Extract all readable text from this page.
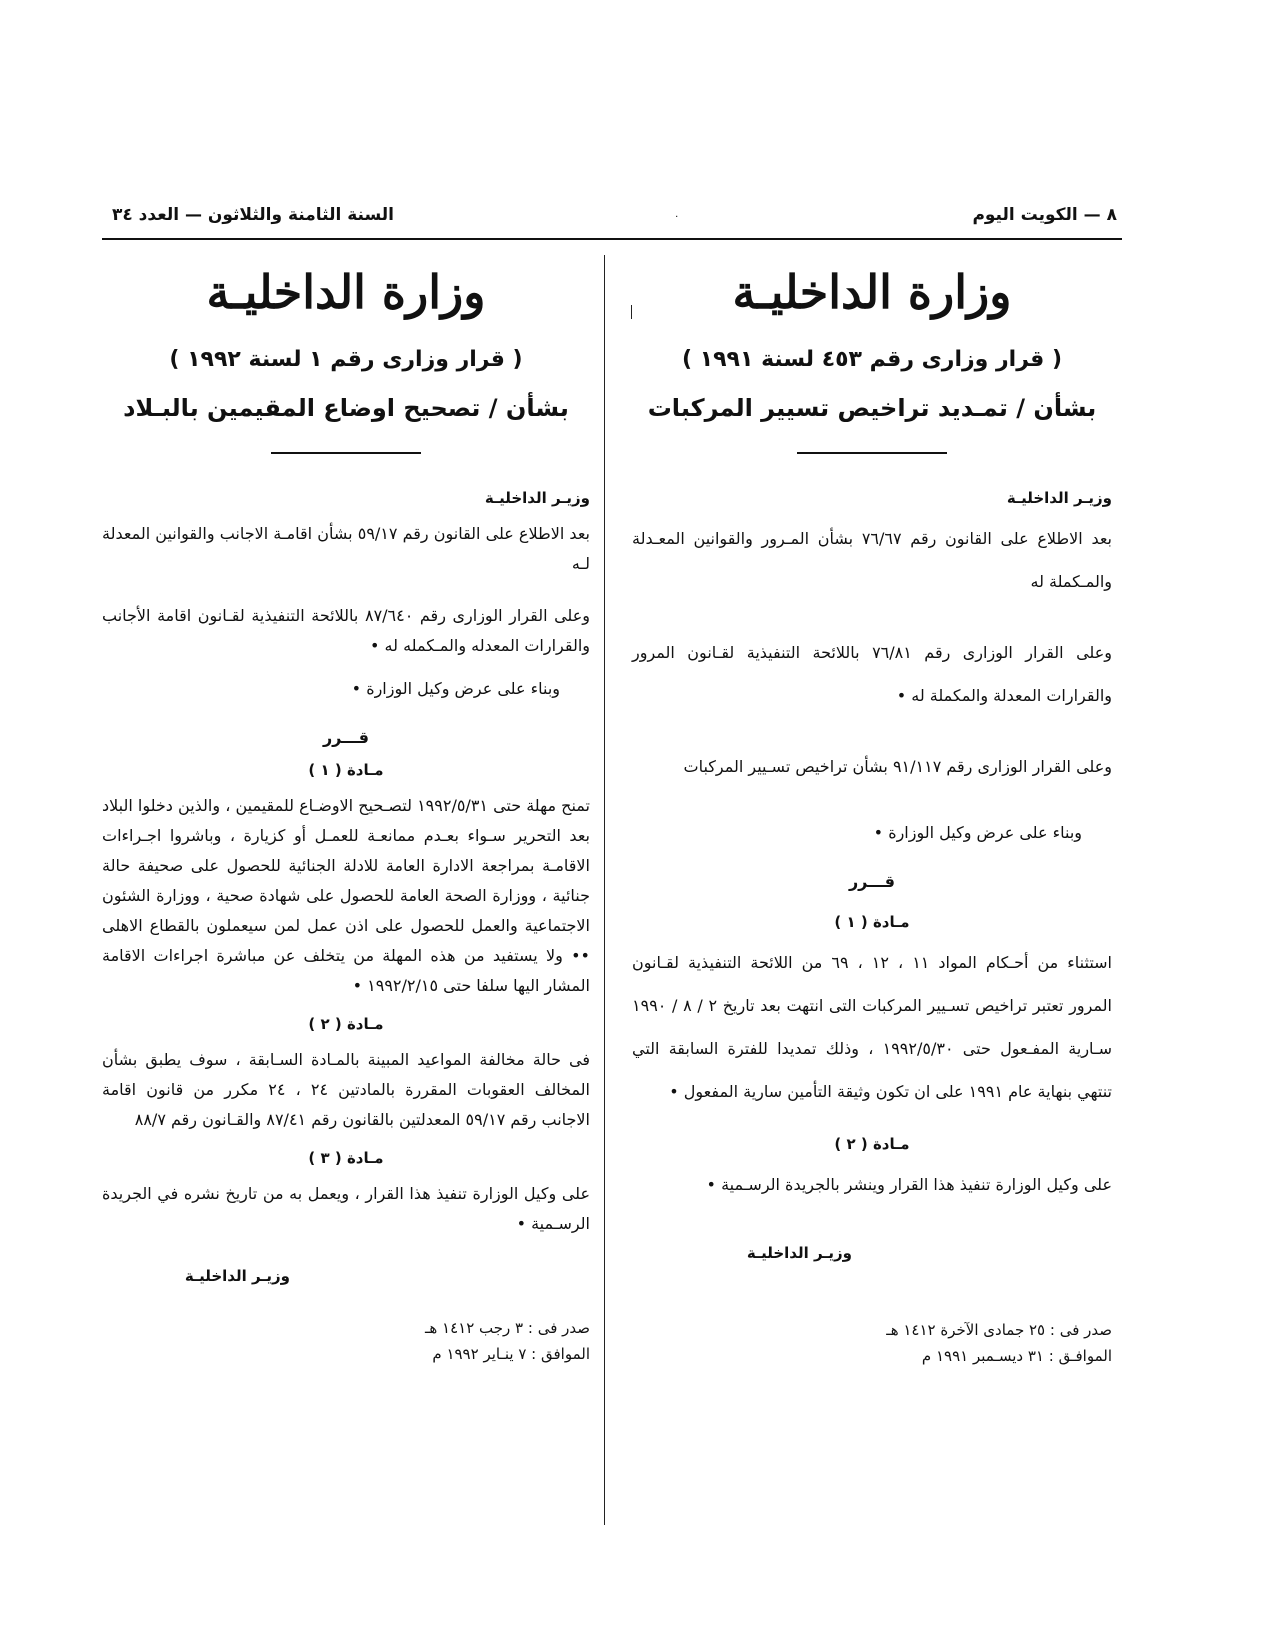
٨ — الكويت اليوم
٠
السنة الثامنة والثلاثون — العدد ٣٤
وزارة الداخليـة
( قرار وزارى رقم ٤٥٣ لسنة ١٩٩١ )
بشأن / تمـديد تراخيص تسيير المركبات
وزيـر الداخليـة
بعد الاطلاع على القانون رقم ٧٦/٦٧ بشأن المـرور والقوانين المعـدلة والمـكملة له
وعلى القرار الوزارى رقم ٧٦/٨١ باللائحة التنفيذية لقـانون المرور والقرارات المعدلة والمكملة له •
وعلى القرار الوزارى رقم ٩١/١١٧ بشأن تراخيص تسـيير المركبات
وبناء على عرض وكيل الوزارة •
قـــرر
مـادة ( ١ )
استثناء من أحـكام المواد ١١ ، ١٢ ، ٦٩ من اللائحة التنفيذية لقـانون المرور تعتبر تراخيص تسـيير المركبات التى انتهت بعد تاريخ ٢ / ٨ / ١٩٩٠ سـارية المفـعول حتى ١٩٩٢/٥/٣٠ ، وذلك تمديدا للفترة السابقة التي تنتهي بنهاية عام ١٩٩١ على ان تكون وثيقة التأمين سارية المفعول •
مـادة ( ٢ )
على وكيل الوزارة تنفيذ هذا القرار وينشر بالجريدة الرسـمية •
وزيـر الداخليـة
صدر فى : ٢٥ جمادى الآخرة ١٤١٢ هـ
الموافـق : ٣١ ديسـمبر ١٩٩١ م
وزارة الداخليـة
( قرار وزارى رقم ١ لسنة ١٩٩٢ )
بشأن / تصحيح اوضاع المقيمين بالبـلاد
وزيـر الداخليـة
بعد الاطلاع على القانون رقم ٥٩/١٧ بشأن اقامـة الاجانب والقوانين المعدلة لـه
وعلى القرار الوزارى رقم ٨٧/٦٤٠ باللائحة التنفيذية لقـانون اقامة الأجانب والقرارات المعدله والمـكمله له •
وبناء على عرض وكيل الوزارة •
قـــرر
مـادة ( ١ )
تمنح مهلة حتى ١٩٩٢/٥/٣١ لتصـحيح الاوضـاع للمقيمين ، والذين دخلوا البلاد بعد التحرير سـواء بعـدم ممانعـة للعمـل أو كزيارة ، وباشروا اجـراءات الاقامـة بمراجعة الادارة العامة للادلة الجنائية للحصول على صحيفة حالة جنائية ، ووزارة الصحة العامة للحصول على شهادة صحية ، ووزارة الشئون الاجتماعية والعمل للحصول على اذن عمل لمن سيعملون بالقطاع الاهلى •• ولا يستفيد من هذه المهلة من يتخلف عن مباشرة اجراءات الاقامة المشار اليها سلفا حتى ١٩٩٢/٢/١٥ •
مـادة ( ٢ )
فى حالة مخالفة المواعيد المبينة بالمـادة السـابقة ، سوف يطبق بشأن المخالف العقوبات المقررة بالمادتين ٢٤ ، ٢٤ مكرر من قانون اقامة الاجانب رقم ٥٩/١٧ المعدلتين بالقانون رقم ٨٧/٤١ والقـانون رقم ٨٨/٧
مـادة ( ٣ )
على وكيل الوزارة تنفيذ هذا القرار ، ويعمل به من تاريخ نشره في الجريدة الرسـمية •
وزيـر الداخليـة
صدر فى : ٣ رجب ١٤١٢ هـ
الموافق : ٧ ينـاير ١٩٩٢ م
